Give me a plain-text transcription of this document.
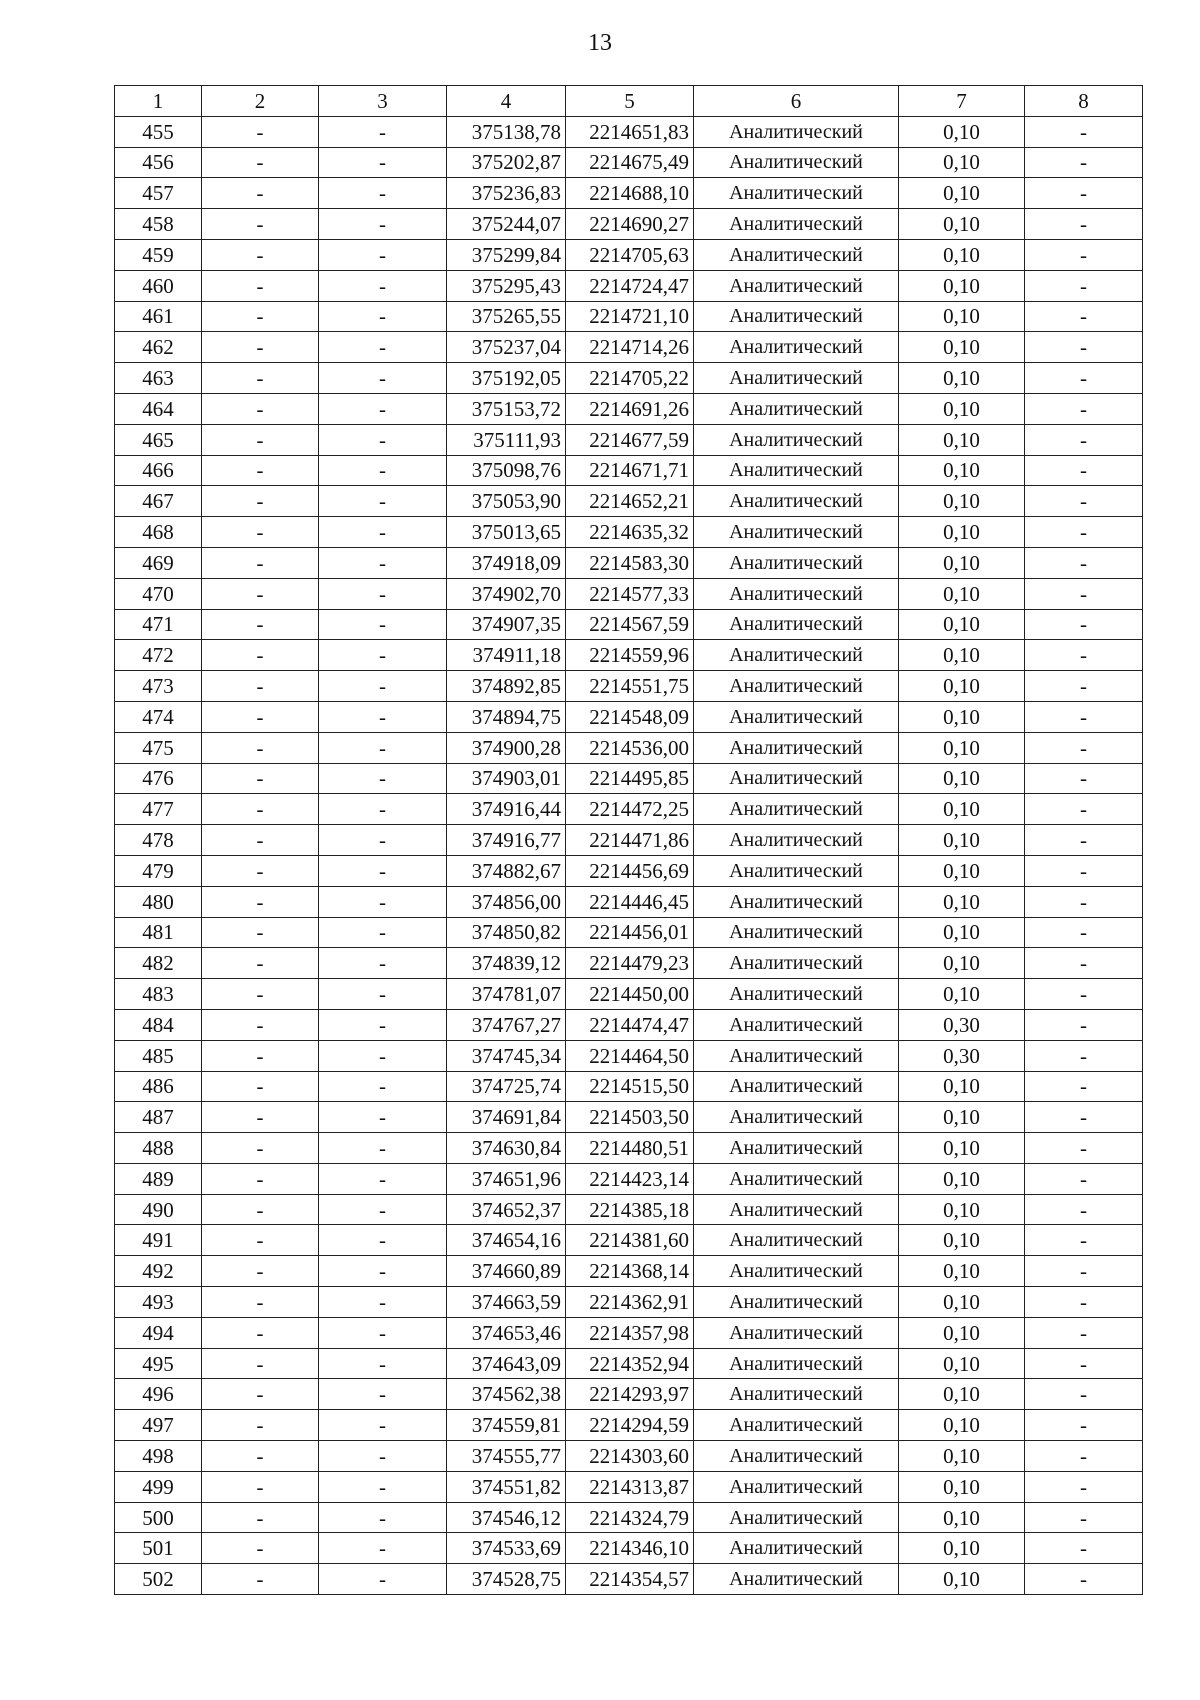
13
1	2	3	4	5	6	7	8
455	-	-	375138,78	2214651,83	Аналитический	0,10	-
456	-	-	375202,87	2214675,49	Аналитический	0,10	-
457	-	-	375236,83	2214688,10	Аналитический	0,10	-
458	-	-	375244,07	2214690,27	Аналитический	0,10	-
459	-	-	375299,84	2214705,63	Аналитический	0,10	-
460	-	-	375295,43	2214724,47	Аналитический	0,10	-
461	-	-	375265,55	2214721,10	Аналитический	0,10	-
462	-	-	375237,04	2214714,26	Аналитический	0,10	-
463	-	-	375192,05	2214705,22	Аналитический	0,10	-
464	-	-	375153,72	2214691,26	Аналитический	0,10	-
465	-	-	375111,93	2214677,59	Аналитический	0,10	-
466	-	-	375098,76	2214671,71	Аналитический	0,10	-
467	-	-	375053,90	2214652,21	Аналитический	0,10	-
468	-	-	375013,65	2214635,32	Аналитический	0,10	-
469	-	-	374918,09	2214583,30	Аналитический	0,10	-
470	-	-	374902,70	2214577,33	Аналитический	0,10	-
471	-	-	374907,35	2214567,59	Аналитический	0,10	-
472	-	-	374911,18	2214559,96	Аналитический	0,10	-
473	-	-	374892,85	2214551,75	Аналитический	0,10	-
474	-	-	374894,75	2214548,09	Аналитический	0,10	-
475	-	-	374900,28	2214536,00	Аналитический	0,10	-
476	-	-	374903,01	2214495,85	Аналитический	0,10	-
477	-	-	374916,44	2214472,25	Аналитический	0,10	-
478	-	-	374916,77	2214471,86	Аналитический	0,10	-
479	-	-	374882,67	2214456,69	Аналитический	0,10	-
480	-	-	374856,00	2214446,45	Аналитический	0,10	-
481	-	-	374850,82	2214456,01	Аналитический	0,10	-
482	-	-	374839,12	2214479,23	Аналитический	0,10	-
483	-	-	374781,07	2214450,00	Аналитический	0,10	-
484	-	-	374767,27	2214474,47	Аналитический	0,30	-
485	-	-	374745,34	2214464,50	Аналитический	0,30	-
486	-	-	374725,74	2214515,50	Аналитический	0,10	-
487	-	-	374691,84	2214503,50	Аналитический	0,10	-
488	-	-	374630,84	2214480,51	Аналитический	0,10	-
489	-	-	374651,96	2214423,14	Аналитический	0,10	-
490	-	-	374652,37	2214385,18	Аналитический	0,10	-
491	-	-	374654,16	2214381,60	Аналитический	0,10	-
492	-	-	374660,89	2214368,14	Аналитический	0,10	-
493	-	-	374663,59	2214362,91	Аналитический	0,10	-
494	-	-	374653,46	2214357,98	Аналитический	0,10	-
495	-	-	374643,09	2214352,94	Аналитический	0,10	-
496	-	-	374562,38	2214293,97	Аналитический	0,10	-
497	-	-	374559,81	2214294,59	Аналитический	0,10	-
498	-	-	374555,77	2214303,60	Аналитический	0,10	-
499	-	-	374551,82	2214313,87	Аналитический	0,10	-
500	-	-	374546,12	2214324,79	Аналитический	0,10	-
501	-	-	374533,69	2214346,10	Аналитический	0,10	-
502	-	-	374528,75	2214354,57	Аналитический	0,10	-
